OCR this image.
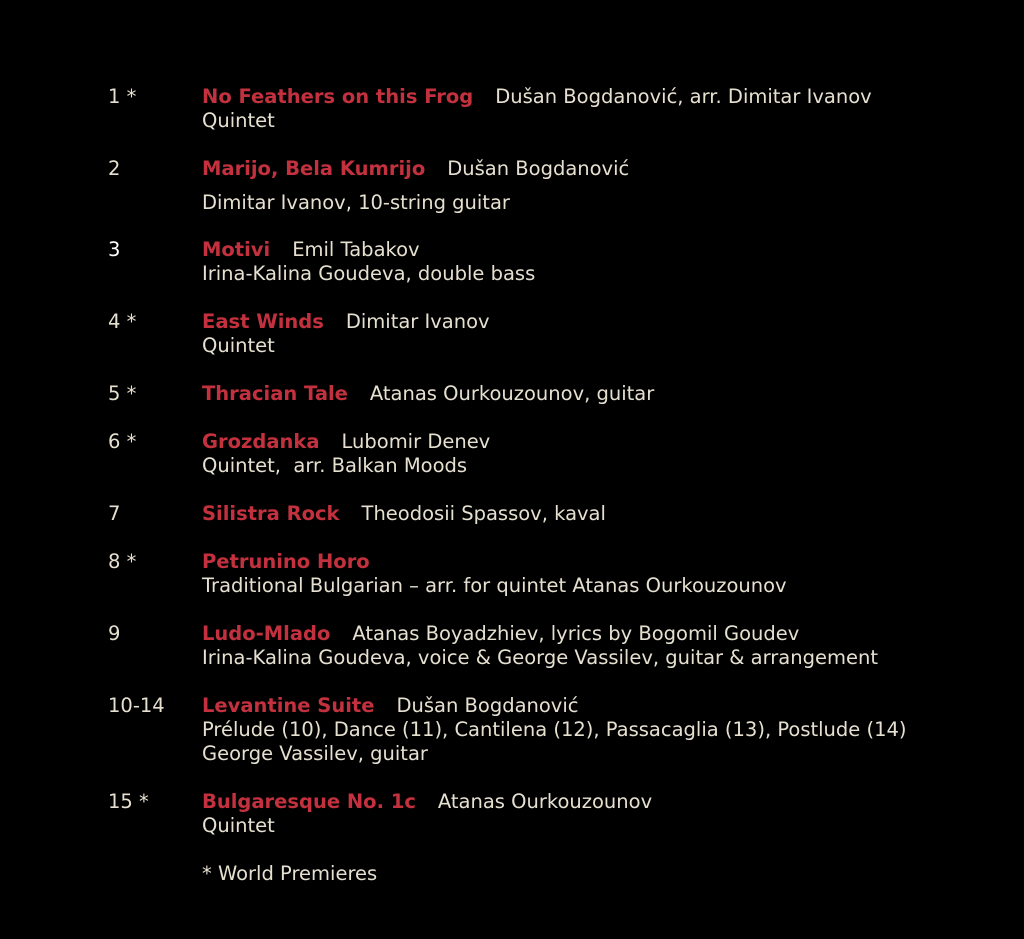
1 *	No Feathers on this Frog Dušan Bogdanović, arr. Dimitar Ivanov
Quintet
2	Marijo, Bela Kumrijo Dušan Bogdanović
Dimitar Ivanov, 10-string guitar
3	Motivi Emil Tabakov
Irina-Kalina Goudeva, double bass
4 *	East Winds Dimitar Ivanov
Quintet
5 *	Thracian Tale Atanas Ourkouzounov, guitar
6 *	Grozdanka Lubomir Denev
Quintet,  arr. Balkan Moods
7	Silistra Rock Theodosii Spassov, kaval
8 *	Petrunino Horo
Traditional Bulgarian – arr. for quintet Atanas Ourkouzounov
9	Ludo-Mlado Atanas Boyadzhiev, lyrics by Bogomil Goudev
Irina-Kalina Goudeva, voice & George Vassilev, guitar & arrangement
10-14 Levantine Suite Dušan Bogdanović
Prélude (10), Dance (11), Cantilena (12), Passacaglia (13), Postlude (14)
George Vassilev, guitar
15 *	Bulgaresque No. 1c Atanas Ourkouzounov
Quintet
* World Premieres
